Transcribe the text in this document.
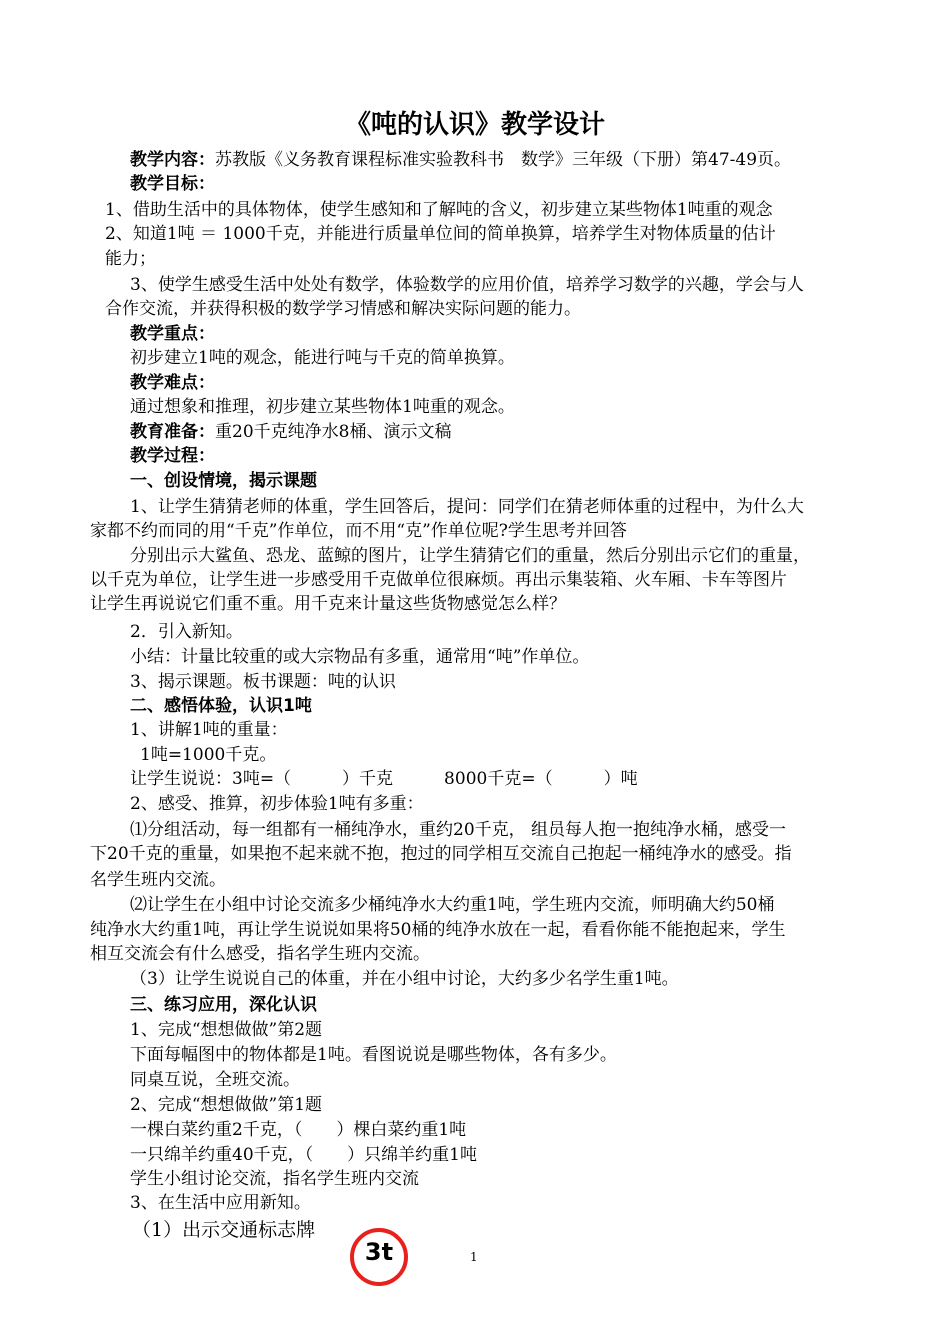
《吨的认识》教学设计
教学内容：苏教版《义务教育课程标准实验教科书　数学》三年级（下册）第47-49页。
教学目标：
1、借助生活中的具体物体，使学生感知和了解吨的含义，初步建立某些物体1吨重的观念
2、知道1吨 ＝ 1000千克，并能进行质量单位间的简单换算，培养学生对物体质量的估计
能力；
3、使学生感受生活中处处有数学，体验数学的应用价值，培养学习数学的兴趣，学会与人
合作交流，并获得积极的数学学习情感和解决实际问题的能力。
教学重点：
初步建立1吨的观念，能进行吨与千克的简单换算。
教学难点：
通过想象和推理，初步建立某些物体1吨重的观念。
教育准备：重20千克纯净水8桶、演示文稿
教学过程：
一、创设情境，揭示课题
1、让学生猜猜老师的体重，学生回答后，提问：同学们在猜老师体重的过程中，为什么大
家都不约而同的用“千克”作单位，而不用“克”作单位呢?学生思考并回答
分别出示大鲨鱼、恐龙、蓝鲸的图片，让学生猜猜它们的重量，然后分别出示它们的重量，
以千克为单位，让学生进一步感受用千克做单位很麻烦。再出示集装箱、火车厢、卡车等图片
让学生再说说它们重不重。用千克来计量这些货物感觉怎么样？
2．引入新知。
小结：计量比较重的或大宗物品有多重，通常用“吨”作单位。
3、揭示课题。板书课题：吨的认识
二、感悟体验，认识1吨
1、讲解1吨的重量：
1吨=1000千克。
让学生说说：3吨=（　　　）千克　　　8000千克=（　　　）吨
2、感受、推算，初步体验1吨有多重：
⑴分组活动，每一组都有一桶纯净水，重约20千克， 组员每人抱一抱纯净水桶，感受一
下20千克的重量，如果抱不起来就不抱，抱过的同学相互交流自己抱起一桶纯净水的感受。指
名学生班内交流。
⑵让学生在小组中讨论交流多少桶纯净水大约重1吨，学生班内交流，师明确大约50桶
纯净水大约重1吨，再让学生说说如果将50桶的纯净水放在一起，看看你能不能抱起来，学生
相互交流会有什么感受，指名学生班内交流。
（3）让学生说说自己的体重，并在小组中讨论，大约多少名学生重1吨。
三、练习应用，深化认识
1、完成“想想做做”第2题
下面每幅图中的物体都是1吨。看图说说是哪些物体，各有多少。
同桌互说，全班交流。
2、完成“想想做做”第1题
一棵白菜约重2千克，（　　）棵白菜约重1吨
一只绵羊约重40千克，（　　）只绵羊约重1吨
学生小组讨论交流，指名学生班内交流
3、在生活中应用新知。
（1）出示交通标志牌
3t	1
